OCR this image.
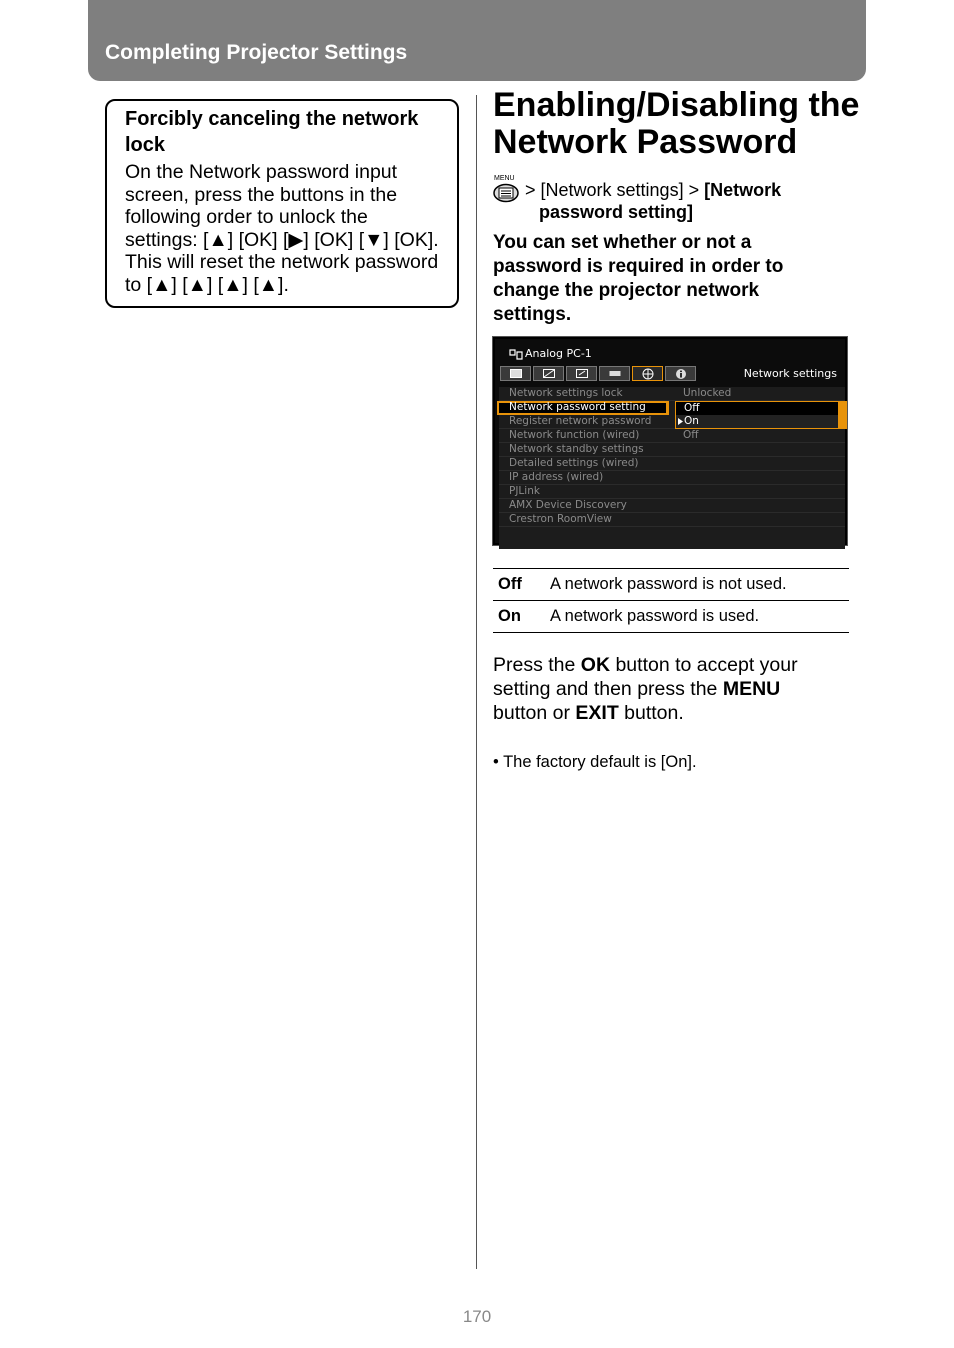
Completing Projector Settings
Forcibly canceling the network lock
On the Network password input screen, press the buttons in the following order to unlock the settings: [▲] [OK] [▶] [OK] [▼] [OK]. This will reset the network password to [▲] [▲] [▲] [▲].
Enabling/Disabling the Network Password
MENU
> [Network settings] > [Network
password setting]
You can set whether or not a password is required in order to change the projector network settings.
Analog PC-1
Network settings
Network settings lock	Unlocked
Network password setting
Register network password
Network function (wired)	Off
Network standby settings
Detailed settings (wired)
IP address (wired)
PJLink
AMX Device Discovery
Crestron RoomView
Off
On
Off	A network password is not used.
On	A network password is used.
Press the OK button to accept your setting and then press the MENU button or EXIT button.
• The factory default is [On].
170
